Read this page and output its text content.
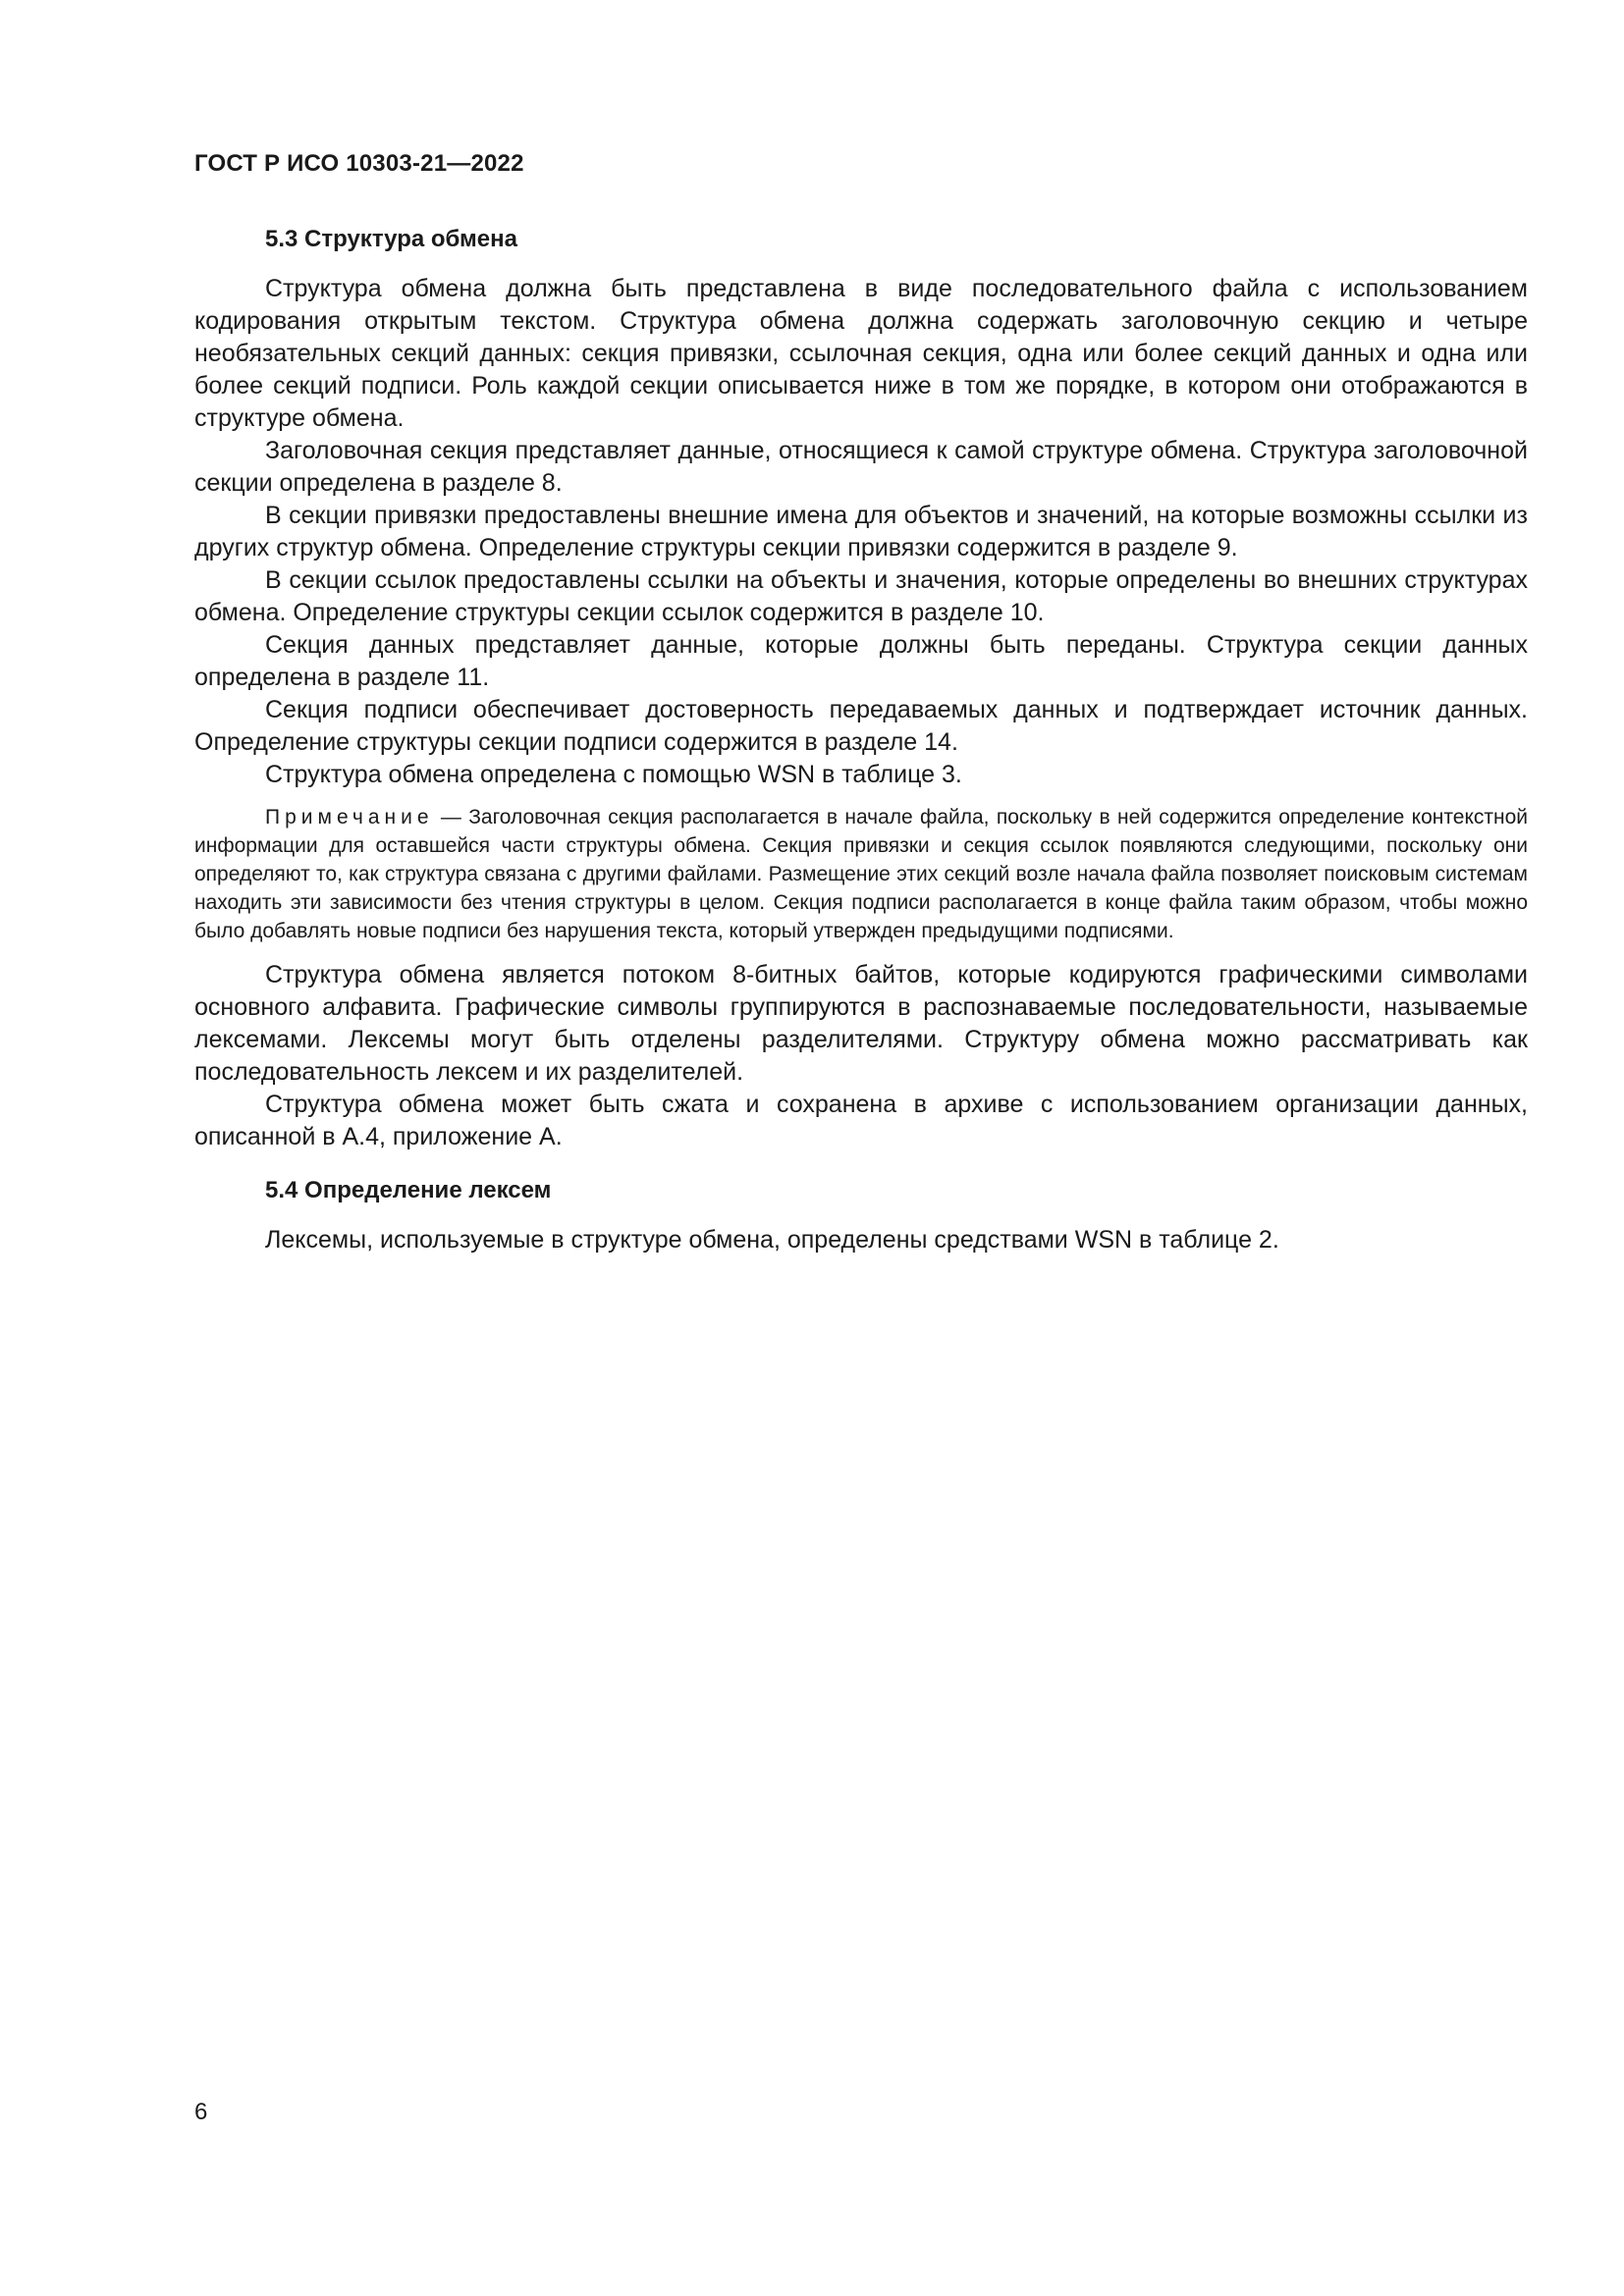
ГОСТ Р ИСО 10303-21—2022
5.3 Структура обмена

Структура обмена должна быть представлена в виде последовательного файла с использованием кодирования открытым текстом. Структура обмена должна содержать заголовочную секцию и четыре необязательных секций данных: секция привязки, ссылочная секция, одна или более секций данных и одна или более секций подписи. Роль каждой секции описывается ниже в том же порядке, в котором они отображаются в структуре обмена.

Заголовочная секция представляет данные, относящиеся к самой структуре обмена. Структура заголовочной секции определена в разделе 8.

В секции привязки предоставлены внешние имена для объектов и значений, на которые возможны ссылки из других структур обмена. Определение структуры секции привязки содержится в разделе 9.

В секции ссылок предоставлены ссылки на объекты и значения, которые определены во внешних структурах обмена. Определение структуры секции ссылок содержится в разделе 10.

Секция данных представляет данные, которые должны быть переданы. Структура секции данных определена в разделе 11.

Секция подписи обеспечивает достоверность передаваемых данных и подтверждает источник данных. Определение структуры секции подписи содержится в разделе 14.

Структура обмена определена с помощью WSN в таблице 3.

Примечание — Заголовочная секция располагается в начале файла, поскольку в ней содержится определение контекстной информации для оставшейся части структуры обмена. Секция привязки и секция ссылок появляются следующими, поскольку они определяют то, как структура связана с другими файлами. Размещение этих секций возле начала файла позволяет поисковым системам находить эти зависимости без чтения структуры в целом. Секция подписи располагается в конце файла таким образом, чтобы можно было добавлять новые подписи без нарушения текста, который утвержден предыдущими подписями.

Структура обмена является потоком 8-битных байтов, которые кодируются графическими символами основного алфавита. Графические символы группируются в распознаваемые последовательности, называемые лексемами. Лексемы могут быть отделены разделителями. Структуру обмена можно рассматривать как последовательность лексем и их разделителей.

Структура обмена может быть сжата и сохранена в архиве с использованием организации данных, описанной в А.4, приложение А.

5.4 Определение лексем

Лексемы, используемые в структуре обмена, определены средствами WSN в таблице 2.

6
